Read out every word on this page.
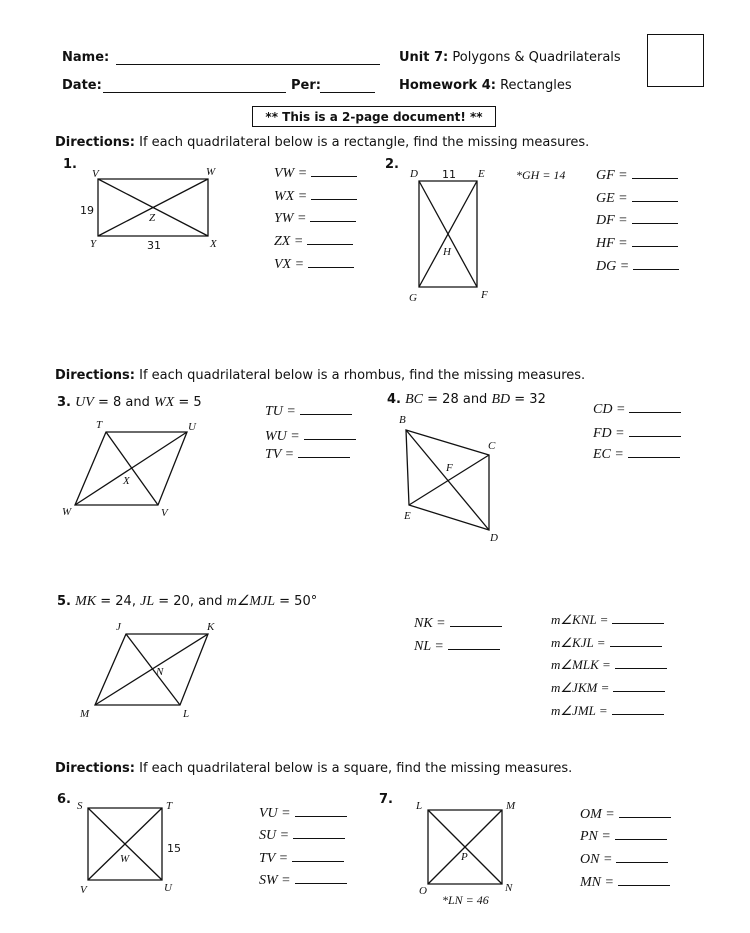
Name:	Unit 7: Polygons & Quadrilaterals
Date:	Per:	Homework 4: Rectangles
** This is a 2-page document! **
Directions: If each quadrilateral below is a rectangle, find the missing measures.
1.
V	W
Y	X
Z
19
31
VW =
WX =
YW =
ZX =
VX =
2.
D	E
G	F
H
11	*GH = 14 GF =
GE =
DF =
HF =
DG =
Directions: If each quadrilateral below is a rhombus, find the missing measures.
3. UV = 8 and WX = 5
T	U
W	V
X
TU =
WU =
TV =
4. BC = 28 and BD = 32
B
C
E
D
F
CD =
FD =
EC =
5. MK = 24, JL = 20, and m∠MJL = 50°
J	K
M	L
N
NK =
NL =
m∠KNL =
m∠KJL =
m∠MLK =
m∠JKM =
m∠JML =
Directions: If each quadrilateral below is a square, find the missing measures.
6. S	T
V	U
W
15
VU =
SU =
TV =
SW =
7. L	M
O	N
P
*LN = 46
OM =
PN =
ON =
MN =
